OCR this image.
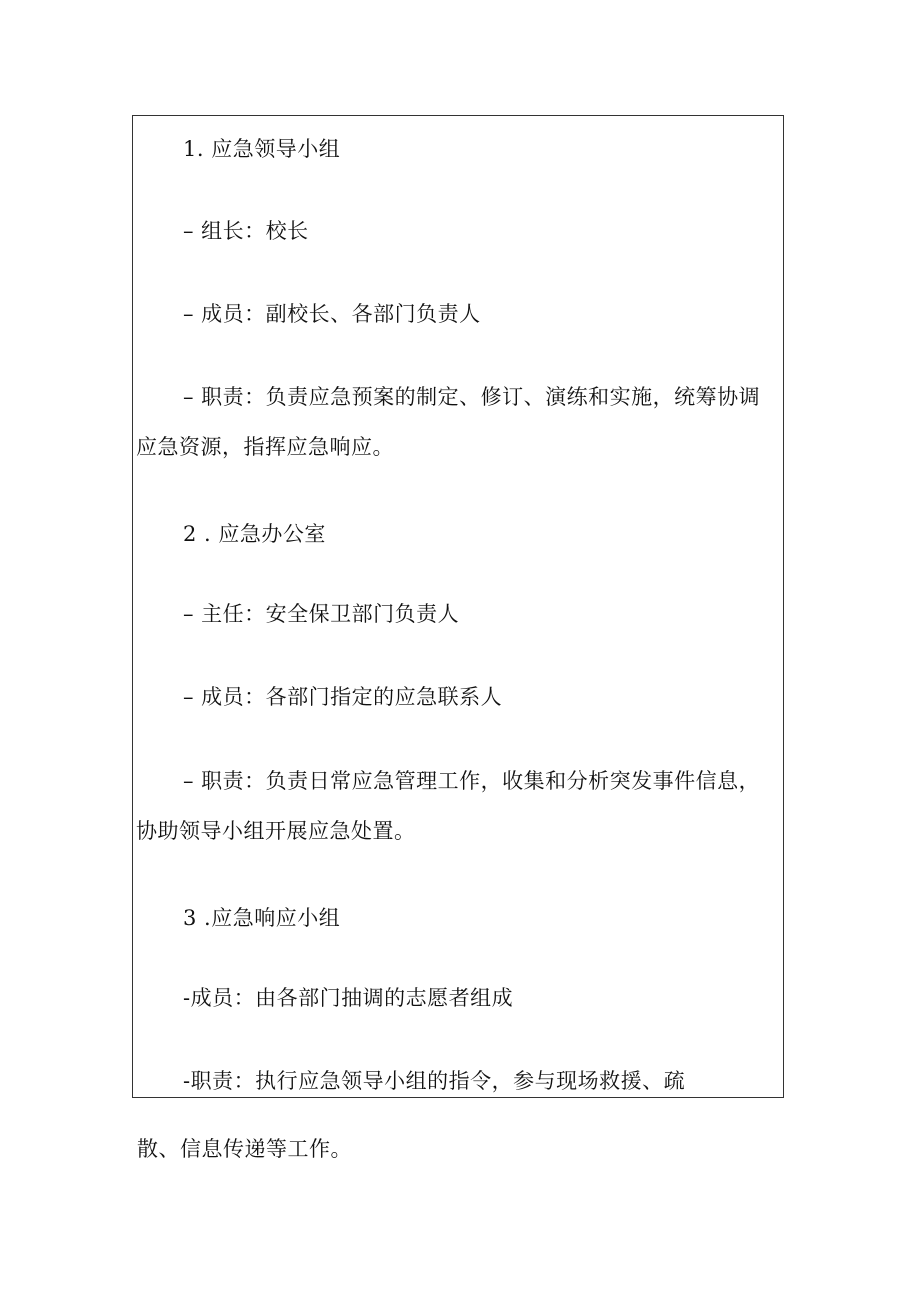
1. 应急领导小组
– 组长：校长
– 成员：副校长、各部门负责人
– 职责：负责应急预案的制定、修订、演练和实施，统筹协调
应急资源，指挥应急响应。
2 . 应急办公室
– 主任：安全保卫部门负责人
– 成员：各部门指定的应急联系人
– 职责：负责日常应急管理工作，收集和分析突发事件信息，
协助领导小组开展应急处置。
3 .应急响应小组
-成员：由各部门抽调的志愿者组成
-职责：执行应急领导小组的指令，参与现场救援、疏
散、信息传递等工作。
